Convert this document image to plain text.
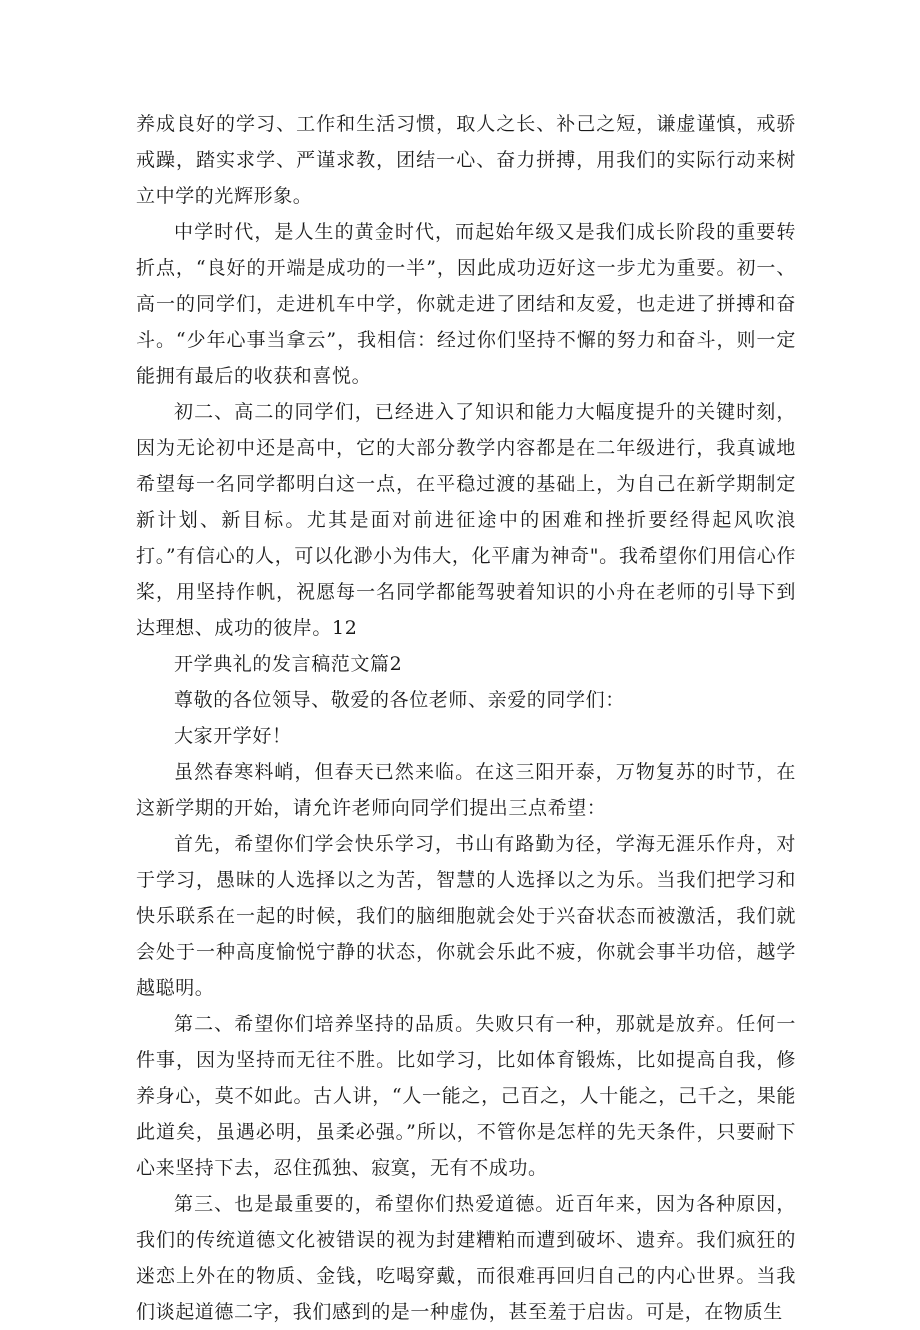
养成良好的学习、工作和生活习惯，取人之长、补己之短，谦虚谨慎，戒骄戒躁，踏实求学、严谨求教，团结一心、奋力拼搏，用我们的实际行动来树立中学的光辉形象。

中学时代，是人生的黄金时代，而起始年级又是我们成长阶段的重要转折点，“良好的开端是成功的一半”，因此成功迈好这一步尤为重要。初一、高一的同学们，走进机车中学，你就走进了团结和友爱，也走进了拼搏和奋斗。“少年心事当拿云”，我相信：经过你们坚持不懈的努力和奋斗，则一定能拥有最后的收获和喜悦。

初二、高二的同学们，已经进入了知识和能力大幅度提升的关键时刻，因为无论初中还是高中，它的大部分教学内容都是在二年级进行，我真诚地希望每一名同学都明白这一点，在平稳过渡的基础上，为自己在新学期制定新计划、新目标。尤其是面对前进征途中的困难和挫折要经得起风吹浪打。”有信心的人，可以化渺小为伟大，化平庸为神奇"。我希望你们用信心作桨，用坚持作帆，祝愿每一名同学都能驾驶着知识的小舟在老师的引导下到达理想、成功的彼岸。12

开学典礼的发言稿范文篇2

尊敬的各位领导、敬爱的各位老师、亲爱的同学们：

大家开学好！

虽然春寒料峭，但春天已然来临。在这三阳开泰，万物复苏的时节，在这新学期的开始，请允许老师向同学们提出三点希望：

首先，希望你们学会快乐学习，书山有路勤为径，学海无涯乐作舟，对于学习，愚昧的人选择以之为苦，智慧的人选择以之为乐。当我们把学习和快乐联系在一起的时候，我们的脑细胞就会处于兴奋状态而被激活，我们就会处于一种高度愉悦宁静的状态，你就会乐此不疲，你就会事半功倍，越学越聪明。

第二、希望你们培养坚持的品质。失败只有一种，那就是放弃。任何一件事，因为坚持而无往不胜。比如学习，比如体育锻炼，比如提高自我，修养身心，莫不如此。古人讲，“人一能之，己百之，人十能之，己千之，果能此道矣，虽遇必明，虽柔必强。”所以，不管你是怎样的先天条件，只要耐下心来坚持下去，忍住孤独、寂寞，无有不成功。

第三、也是最重要的，希望你们热爱道德。近百年来，因为各种原因，我们的传统道德文化被错误的视为封建糟粕而遭到破坏、遗弃。我们疯狂的迷恋上外在的物质、金钱，吃喝穿戴，而很难再回归自己的内心世界。当我们谈起道德二字，我们感到的是一种虚伪，甚至羞于启齿。可是，在物质生
